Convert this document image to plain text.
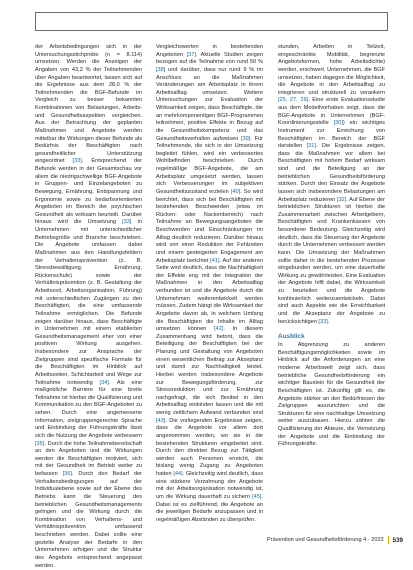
der Arbeitsbedingungen sich in der Untersuchungsstichprobe (n = 8.114) umsetzen. Werden die Anzeigen der Angaben von 43,2 % der Teilnehmenden über Angaben beantwortet, lassen sich auf die Ergebnisse aus dem 28,0 % der Teilnehmenden die BGF-Befunde im Vergleich zu besser bekannten Kombinationen von Belastungen, Arbeits- und Gesundheitsaspekten vergleichen. Aus der Betrachtung der geplanten Maßnahmen und Angebote werden mittelbar die Wirkungen dieser Befunde als Bedürfnis der Beschäftigten nach gesundheitlicher Unterstützung eingeordnet [33]. Entsprechend der Befunde werden in der Gesamtschau vor allem die niedrigschwellige BGF-Angebote in Gruppen- und Einzelangeboten zu Bewegung, Ernährung, Entspannung und Ergonomie sowie zu bedarfsorientierten Angeboten im Bereich der psychischen Gesundheit als wirksam beurteilt. Darüber hinaus wird die Umsetzung [33] in Unternehmen mit unterschiedlicher Betriebsgröße und Branche beschrieben. Die Angebote umfassen dabei Maßnahmen aus den Handlungsfeldern der Verhaltensprävention (z. B. Stressbewältigung, Ernährung, Rückenschule) sowie der Verhältnisprävention (z. B. Gestaltung der Arbeitszeit, Arbeitsorganisation, Führung) mit unterschiedlichen Zugängen zu den Beschäftigten, die eine umfassende Teilnahme ermöglichen. Die Befunde zeigen darüber hinaus, dass Beschäftigte in Unternehmen mit einem etablierten Gesundheitsmanagement eher von einer positiven Wirkung ausgehen. Insbesondere zur Ansprache der Zielgruppen sind spezifische Formate für die Beschäftigten im Hinblick auf Arbeitszeiten, Schichtarbeit und Wege zur Teilnahme notwendig [34]. Als eine maßgebliche Barriere für eine breite Teilnahme ist hierbei die Qualifizierung und Kommunikation zu den BGF-Angeboten zu sehen. Durch eine angemessene Information, zielgruppengerechte Sprache und Einbindung der Führungskräfte lässt sich die Nutzung der Angebote verbessern [35]. Durch die hohe Teilnahmebereitschaft an den Angeboten und die Wirkungen werden die Beschäftigten motiviert, sich mit der Gesundheit im Betrieb weiter zu befassen [36]. Durch den Bedarf der Verhaltensbedingungen auf der Individualebene sowie auf der Ebene des Betriebs kann die Steuerung des betrieblichen Gesundheitsmanagements gelingen und die Wirkung durch die Kombination von Verhaltens- und Verhältnisprävention umfassend beschrieben werden. Dabei sollte eine gezielte Analyse der Bedarfe in den Unternehmen erfolgen und die Struktur des Angebots entsprechend angepasst werden.

Vergleichswerten in bestehenden Angeboten [37]. Aktuelle Studien zeigen bezogen auf die Teilnahme von rund 50 % [38] und darüber, dass nur rund 9 % im Anschluss an die Maßnahmen Veränderungen am Arbeitsplatz in ihrem Arbeitsalltag umsetzen. Weitere Untersuchungen zur Evaluation der Wirksamkeit zeigen, dass Beschäftigte, die an mehrkomponentigen BGF-Programmen teilnehmen, positive Effekte in Bezug auf die Gesundheitskompetenz und das Gesundheitsverhalten aufweisen [39]. Für Teilnehmende, die sich in der Umsetzung begleitet fühlen, wird ein verbessertes Wohlbefinden beschrieben. Durch regelmäßige BGF-Angebote, die am Arbeitsplatz umgesetzt werden, lassen sich Verbesserungen im subjektiven Gesundheitszustand erzielen [40]. So wird berichtet, dass sich bei Beschäftigten mit bestehenden Beschwerden (etwa im Rücken- oder Nackenbereich) nach Teilnahme an Bewegungsangeboten die Beschwerden und Einschränkungen im Alltag deutlich reduzieren. Darüber hinaus wird von einer Reduktion der Fehlzeiten und einem gesteigerten Engagement am Arbeitsplatz berichtet [41]. Auf der anderen Seite wird deutlich, dass die Nachhaltigkeit der Effekte eng mit der Integration der Maßnahmen in den Arbeitsalltag verbunden ist und die Angebote durch die Unternehmen weiterentwickelt werden müssen. Zudem hängt die Wirksamkeit der Angebote davon ab, in welchem Umfang die Beschäftigten die Inhalte im Alltag umsetzen können [42]. In diesem Zusammenhang wird betont, dass die Beteiligung der Beschäftigten bei der Planung und Gestaltung von Angeboten einen wesentlichen Beitrag zur Akzeptanz und damit zur Nachhaltigkeit leistet. Hierbei werden insbesondere Angebote zur Bewegungsförderung, zur Stressreduktion und zur Ernährung nachgefragt, die sich flexibel in den Arbeitsalltag einbinden lassen und die mit wenig zeitlichem Aufwand verbunden sind [43]. Die vorliegenden Ergebnisse zeigen, dass die Angebote vor allem dort angenommen werden, wo sie in die bestehenden Strukturen eingebettet sind. Durch den direkten Bezug zur Tätigkeit werden auch Personen erreicht, die bislang wenig Zugang zu Angeboten hatten [44]. Gleichzeitig wird deutlich, dass eine stärkere Verzahnung der Angebote mit der Arbeitsorganisation notwendig ist, um die Wirkung dauerhaft zu sichern [45]. Dabei ist es zielführend, die Angebote an die jeweiligen Bedarfe anzupassen und in regelmäßigen Abständen zu überprüfen.

stunden, Arbeiten in Teilzeit, eingeschränkte Mobilität, begrenzte Angebotsformen, hohe Arbeitsdichte) werden, erschwert. Unternehmen, die BGF umsetzen, haben dagegen die Möglichkeit, die Angebote in den Arbeitsalltag zu integrieren und strukturell zu verankern [25, 27, 29]. Eine erste Evaluationsstudie aus dem Modellvorhaben zeigt, dass die BGF-Angebote in Unternehmen (BGF-Koordinierungsstelle [30]) ein wichtiges Instrument zur Erreichung von Beschäftigten im Bereich der BGF darstellen [31]. Die Ergebnisse zeigen, dass die Maßnahmen vor allem bei Beschäftigten mit hohem Bedarf wirksam sind und die Beteiligung an der betrieblichen Gesundheitsförderung stärken. Durch den Einsatz der Angebote lassen sich insbesondere Belastungen am Arbeitsplatz reduzieren [32]. Auf Ebene der betrieblichen Strukturen ist hierbei die Zusammenarbeit zwischen Arbeitgebern, Beschäftigten und Krankenkassen von besonderer Bedeutung. Gleichzeitig wird deutlich, dass die Steuerung der Angebote durch die Unternehmen verbessert werden kann. Die Umsetzung der Maßnahmen sollte daher in die bestehenden Prozesse eingebunden werden, um eine dauerhafte Wirkung zu gewährleisten. Eine Evaluation der Angebote hilft dabei, die Wirksamkeit zu beurteilen und die Angebote kontinuierlich weiterzuentwickeln. Dabei sind auch Aspekte wie die Erreichbarkeit und die Akzeptanz der Angebote zu berücksichtigen [33].

Ausblick

In Abgrenzung zu anderen Beschäftigungsmöglichkeiten sowie im Hinblick auf die Anforderungen an eine moderne Arbeitswelt zeigt sich, dass betriebliche Gesundheitsförderung ein wichtiger Baustein für die Gesundheit der Beschäftigten ist. Zukünftig gilt es, die Angebote stärker an den Bedürfnissen der Zielgruppen auszurichten und die Strukturen für eine nachhaltige Umsetzung weiter auszubauen. Hierzu zählen die Qualifizierung der Akteure, die Vernetzung der Angebote und die Einbindung der Führungskräfte.

Prävention und Gesundheitsförderung 4 · 2023 539
